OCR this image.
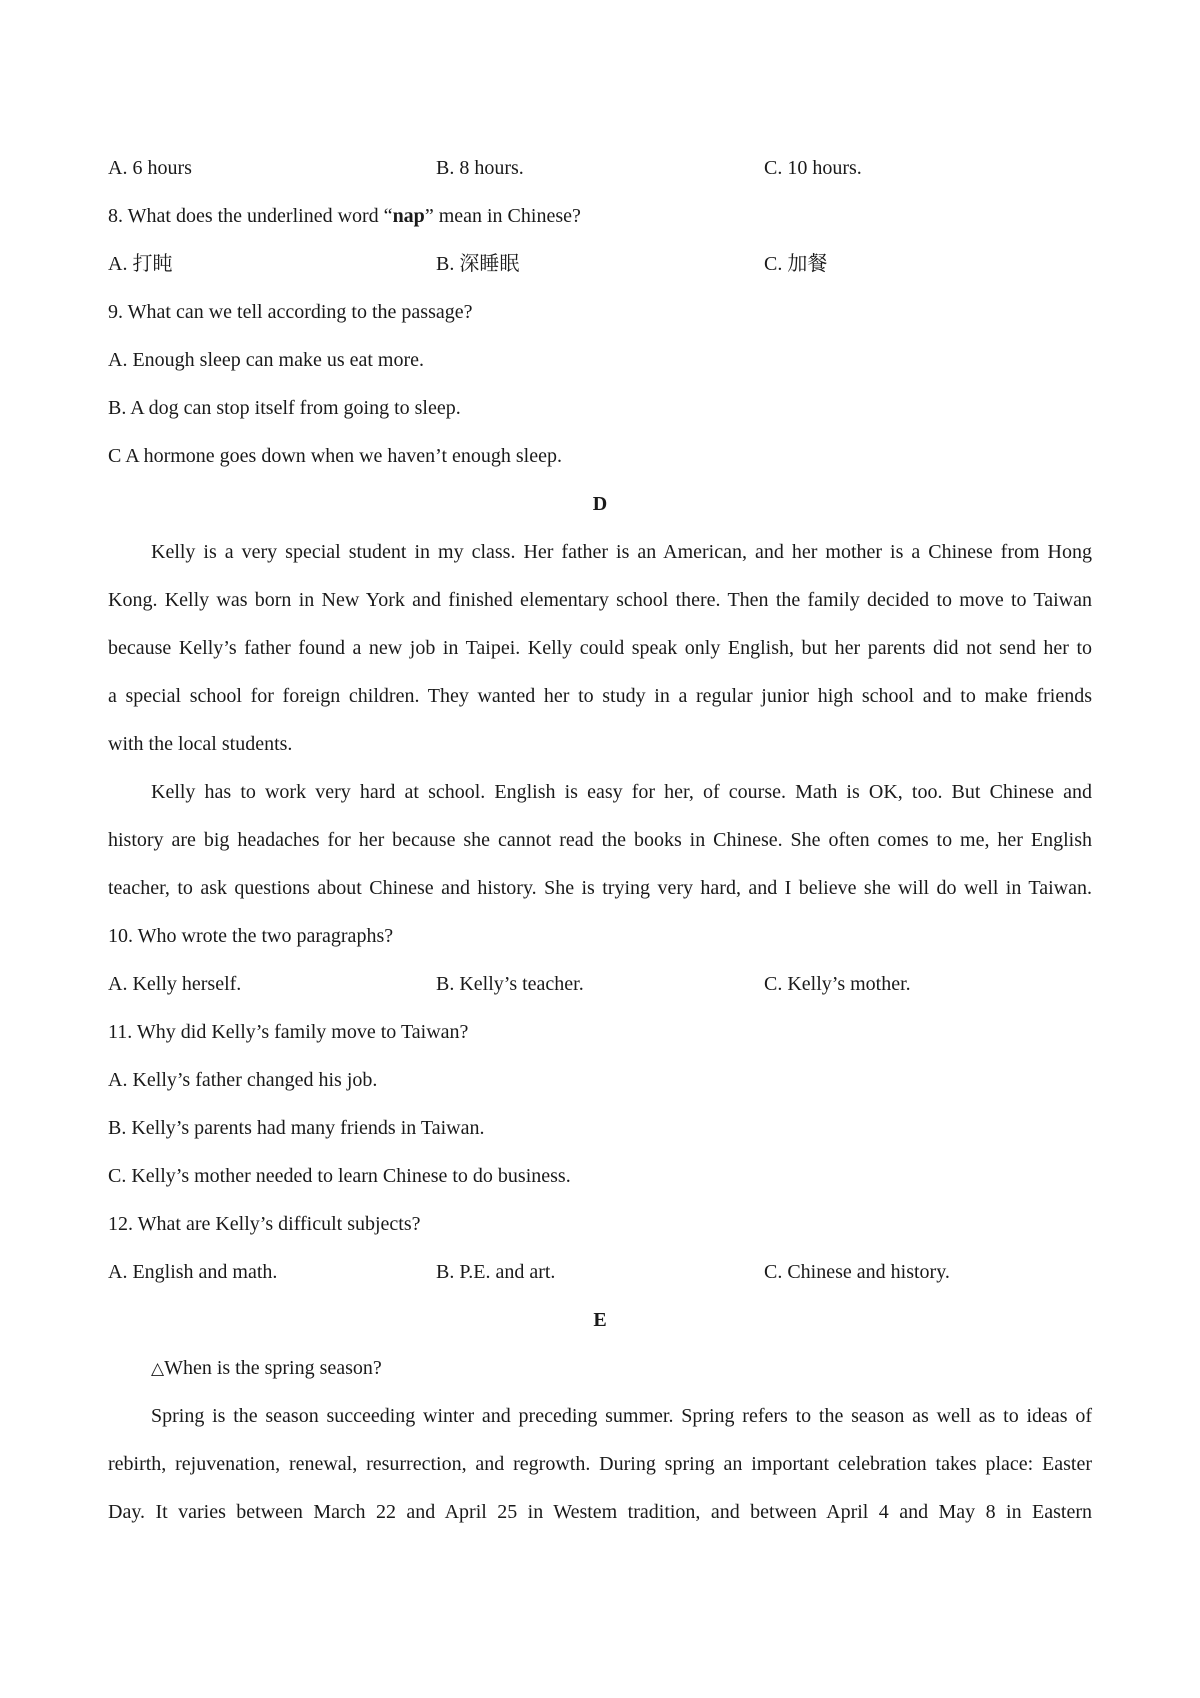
A. 6 hours	B. 8 hours.	C. 10 hours.
8. What does the underlined word “nap” mean in Chinese?
A. 打盹	B. 深睡眠	C. 加餐
9. What can we tell according to the passage?
A. Enough sleep can make us eat more.
B. A dog can stop itself from going to sleep.
C A hormone goes down when we haven’t enough sleep.
D
Kelly is a very special student in my class. Her father is an American, and her mother is a Chinese from Hong
Kong. Kelly was born in New York and finished elementary school there. Then the family decided to move to Taiwan
because Kelly’s father found a new job in Taipei. Kelly could speak only English, but her parents did not send her to
a special school for foreign children. They wanted her to study in a regular junior high school and to make friends
with the local students.
Kelly has to work very hard at school. English is easy for her, of course. Math is OK, too. But Chinese and
history are big headaches for her because she cannot read the books in Chinese. She often comes to me, her English
teacher, to ask questions about Chinese and history. She is trying very hard, and I believe she will do well in Taiwan.
10. Who wrote the two paragraphs?
A. Kelly herself.	B. Kelly’s teacher.	C. Kelly’s mother.
11. Why did Kelly’s family move to Taiwan?
A. Kelly’s father changed his job.
B. Kelly’s parents had many friends in Taiwan.
C. Kelly’s mother needed to learn Chinese to do business.
12. What are Kelly’s difficult subjects?
A. English and math.	B. P.E. and art.	C. Chinese and history.
E
△When is the spring season?
Spring is the season succeeding winter and preceding summer. Spring refers to the season as well as to ideas of
rebirth, rejuvenation, renewal, resurrection, and regrowth. During spring an important celebration takes place: Easter
Day. It varies between March 22 and April 25 in Westem tradition, and between April 4 and May 8 in Eastern
